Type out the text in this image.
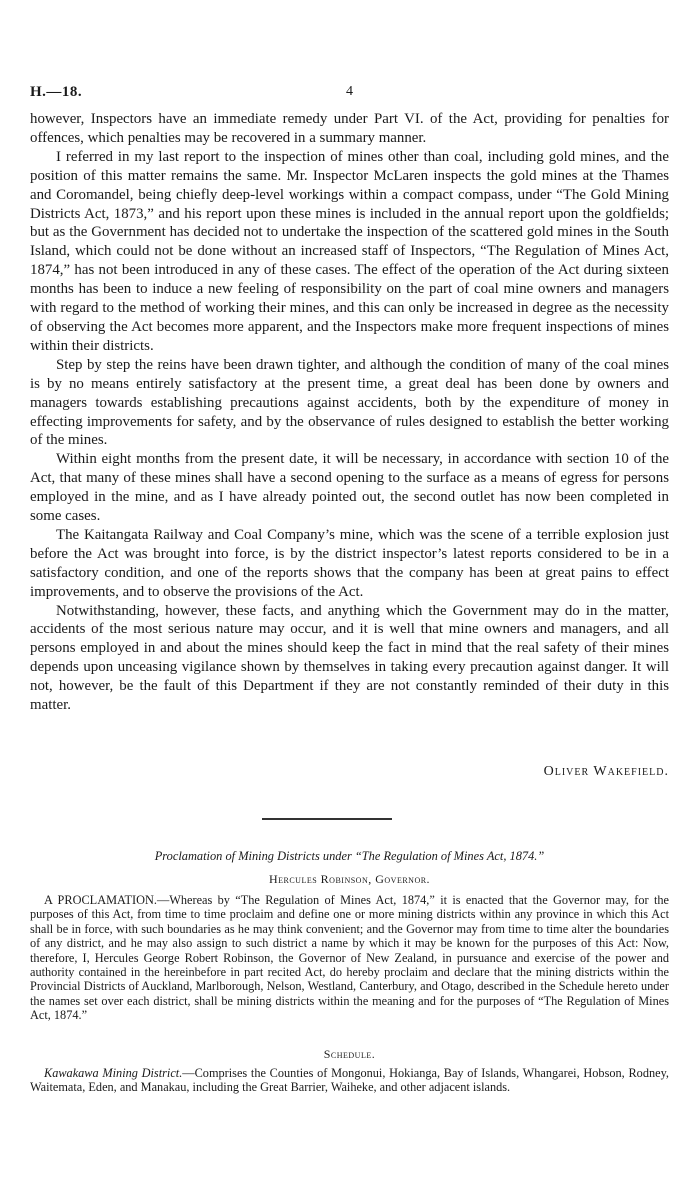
H.—18.	4

however, Inspectors have an immediate remedy under Part VI. of the Act, providing for penalties for offences, which penalties may be recovered in a summary manner.

I referred in my last report to the inspection of mines other than coal, including gold mines, and the position of this matter remains the same. Mr. Inspector McLaren inspects the gold mines at the Thames and Coromandel, being chiefly deep-level workings within a compact compass, under “The Gold Mining Districts Act, 1873,” and his report upon these mines is included in the annual report upon the goldfields; but as the Government has decided not to undertake the inspection of the scattered gold mines in the South Island, which could not be done without an increased staff of Inspectors, “The Regulation of Mines Act, 1874,” has not been introduced in any of these cases. The effect of the operation of the Act during sixteen months has been to induce a new feeling of responsibility on the part of coal mine owners and managers with regard to the method of working their mines, and this can only be increased in degree as the necessity of observing the Act becomes more apparent, and the Inspectors make more frequent inspections of mines within their districts.

Step by step the reins have been drawn tighter, and although the condition of many of the coal mines is by no means entirely satisfactory at the present time, a great deal has been done by owners and managers towards establishing precautions against accidents, both by the expenditure of money in effecting improvements for safety, and by the observance of rules designed to establish the better working of the mines.

Within eight months from the present date, it will be necessary, in accordance with section 10 of the Act, that many of these mines shall have a second opening to the surface as a means of egress for persons employed in the mine, and as I have already pointed out, the second outlet has now been completed in some cases.

The Kaitangata Railway and Coal Company’s mine, which was the scene of a terrible explosion just before the Act was brought into force, is by the district inspector’s latest reports considered to be in a satisfactory condition, and one of the reports shows that the company has been at great pains to effect improvements, and to observe the provisions of the Act.

Notwithstanding, however, these facts, and anything which the Government may do in the matter, accidents of the most serious nature may occur, and it is well that mine owners and managers, and all persons employed in and about the mines should keep the fact in mind that the real safety of their mines depends upon unceasing vigilance shown by themselves in taking every precaution against danger. It will not, however, be the fault of this Department if they are not constantly reminded of their duty in this matter.

Oliver Wakefield.
Proclamation of Mining Districts under “The Regulation of Mines Act, 1874.”
Hercules Robinson, Governor.

A PROCLAMATION.—Whereas by “The Regulation of Mines Act, 1874,” it is enacted that the Governor may, for the purposes of this Act, from time to time proclaim and define one or more mining districts within any province in which this Act shall be in force, with such boundaries as he may think convenient; and the Governor may from time to time alter the boundaries of any district, and he may also assign to such district a name by which it may be known for the purposes of this Act: Now, therefore, I, Hercules George Robert Robinson, the Governor of New Zealand, in pursuance and exercise of the power and authority contained in the hereinbefore in part recited Act, do hereby proclaim and declare that the mining districts within the Provincial Districts of Auckland, Marlborough, Nelson, Westland, Canterbury, and Otago, described in the Schedule hereto under the names set over each district, shall be mining districts within the meaning and for the purposes of “The Regulation of Mines Act, 1874.”

Schedule.

Kawakawa Mining District.—Comprises the Counties of Mongonui, Hokianga, Bay of Islands, Whangarei, Hobson, Rodney, Waitemata, Eden, and Manakau, including the Great Barrier, Waiheke, and other adjacent islands.
